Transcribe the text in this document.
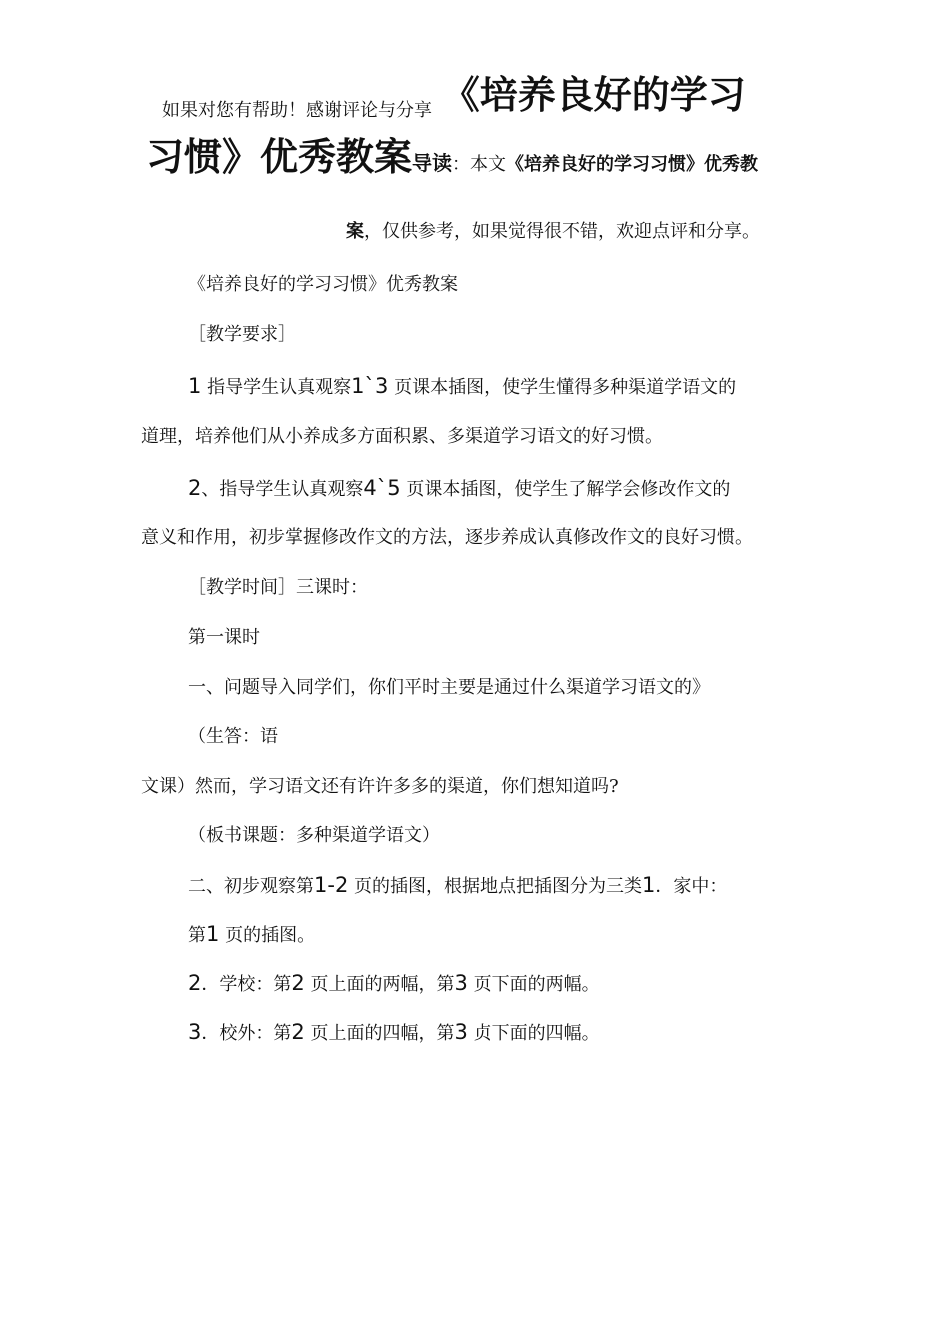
如果对您有帮助！感谢评论与分享 《培养良好的学习
习惯》优秀教案导读：本文《培养良好的学习习惯》优秀教
案，仅供参考，如果觉得很不错，欢迎点评和分享。
《培养良好的学习习惯》优秀教案
［教学要求］
1 指导学生认真观察1`3 页课本插图，使学生懂得多种渠道学语文的
道理，培养他们从小养成多方面积累、多渠道学习语文的好习惯。
2、指导学生认真观察4`5 页课本插图，使学生了解学会修改作文的
意义和作用，初步掌握修改作文的方法，逐步养成认真修改作文的良好习惯。
［教学时间］三课时：
第一课时
一、问题导入同学们，你们平时主要是通过什么渠道学习语文的》
（生答：语
文课）然而，学习语文还有许许多多的渠道，你们想知道吗?
（板书课题：多种渠道学语文）
二、初步观察第1-2 页的插图，根据地点把插图分为三类1．家中：
第1 页的插图。
2．学校：第2 页上面的两幅，第3 页下面的两幅。
3．校外：第2 页上面的四幅，第3 贞下面的四幅。
